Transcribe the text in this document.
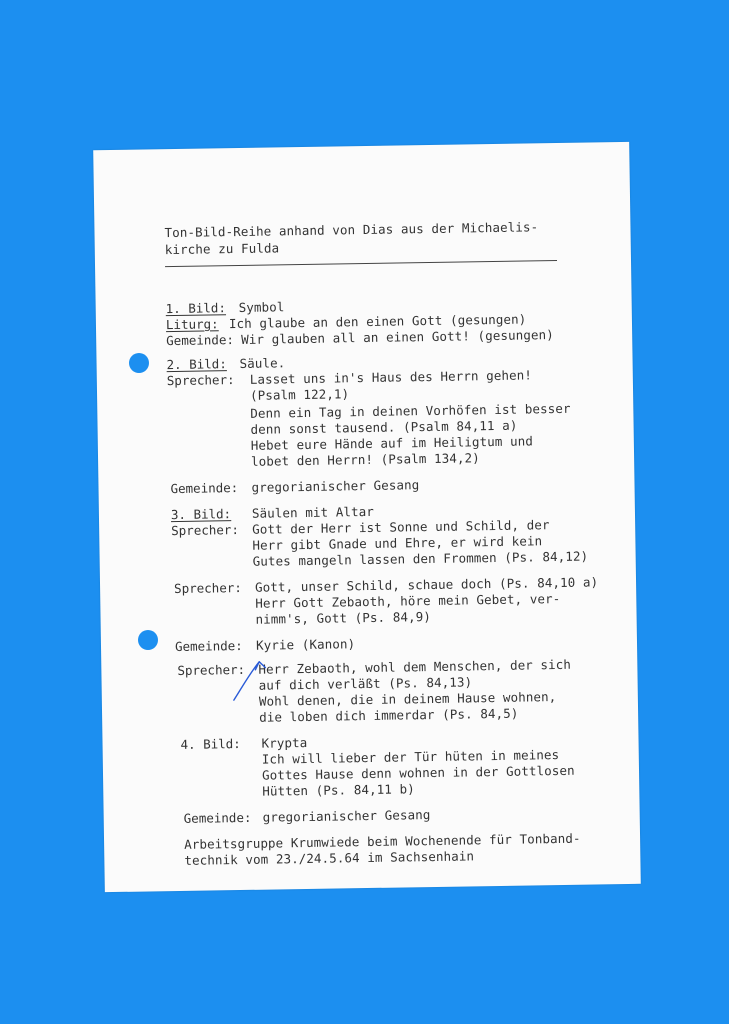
Ton-Bild-Reihe anhand von Dias aus der Michaelis-
kirche zu Fulda
1. Bild: Symbol
Liturg: Ich glaube an den einen Gott (gesungen)
Gemeinde: Wir glauben all an einen Gott! (gesungen)
2. Bild: Säule.
Sprecher: Lasset uns in's Haus des Herrn gehen!
(Psalm 122,1)
Denn ein Tag in deinen Vorhöfen ist besser
denn sonst tausend. (Psalm 84,11 a)
Hebet eure Hände auf im Heiligtum und
lobet den Herrn! (Psalm 134,2)
Gemeinde: gregorianischer Gesang
3. Bild: Säulen mit Altar
Sprecher: Gott der Herr ist Sonne und Schild, der
Herr gibt Gnade und Ehre, er wird kein
Gutes mangeln lassen den Frommen (Ps. 84,12)
Sprecher: Gott, unser Schild, schaue doch (Ps. 84,10 a)
Herr Gott Zebaoth, höre mein Gebet, ver-
nimm's, Gott (Ps. 84,9)
Gemeinde: Kyrie (Kanon)
Sprecher: Herr Zebaoth, wohl dem Menschen, der sich
auf dich verläßt (Ps. 84,13)
Wohl denen, die in deinem Hause wohnen,
die loben dich immerdar (Ps. 84,5)
4. Bild: Krypta
Ich will lieber der Tür hüten in meines
Gottes Hause denn wohnen in der Gottlosen
Hütten (Ps. 84,11 b)
Gemeinde: gregorianischer Gesang
Arbeitsgruppe Krumwiede beim Wochenende für Tonband-
technik vom 23./24.5.64 im Sachsenhain
